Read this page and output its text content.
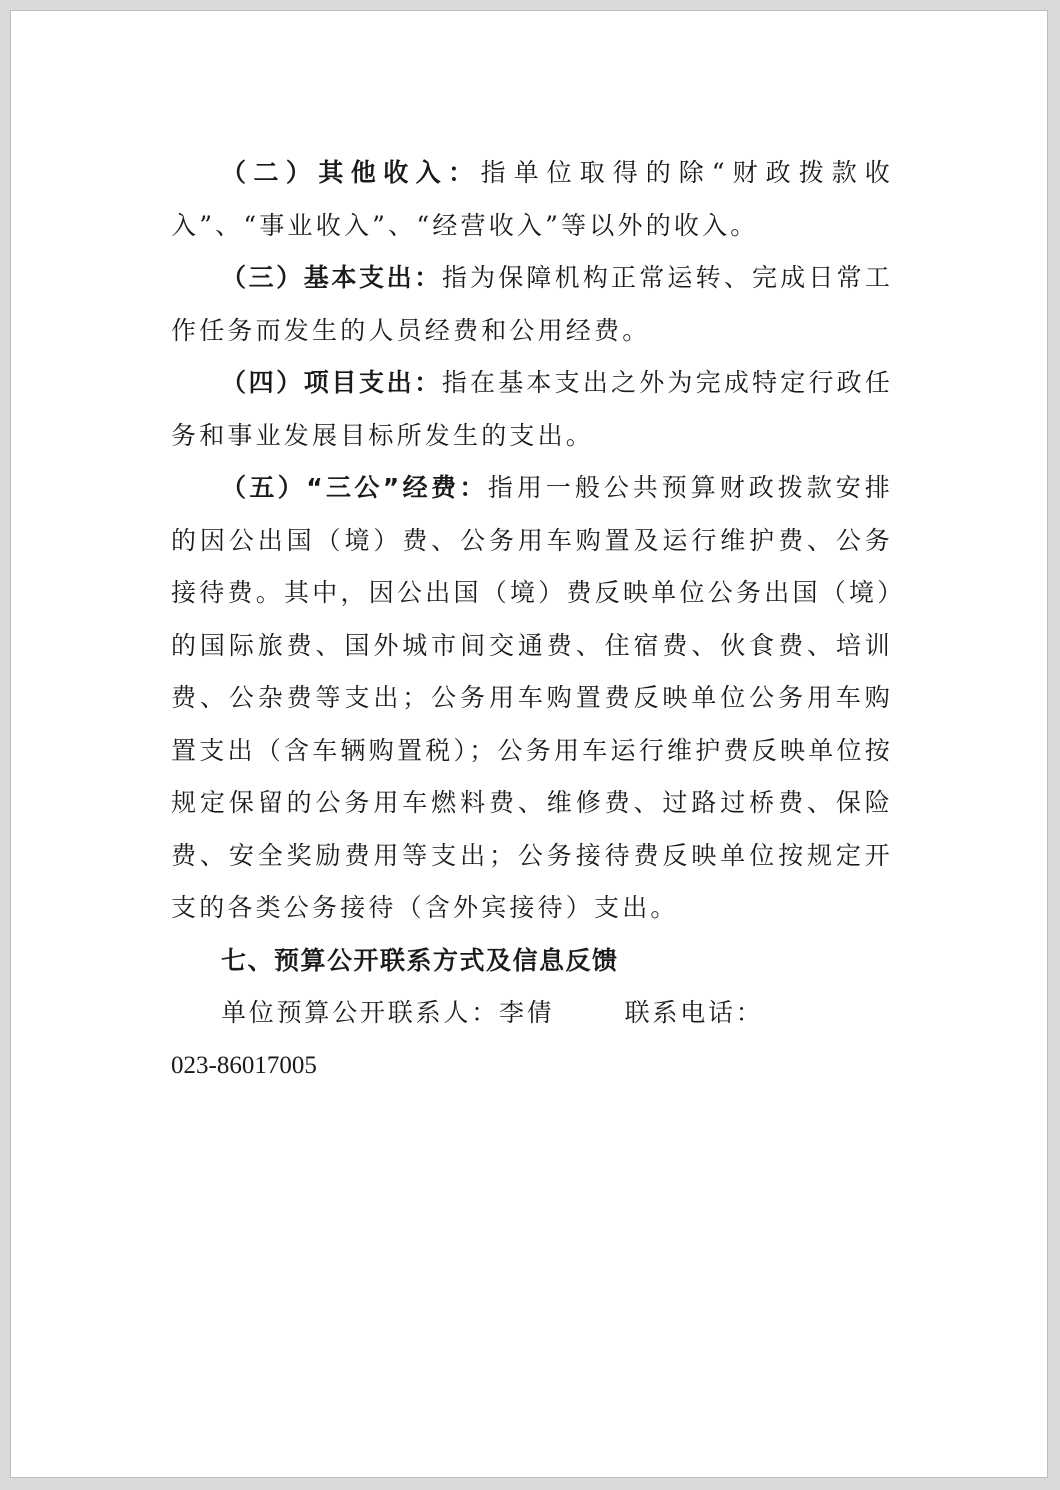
（二）其他收入：指单位取得的除“财政拨款收入”、“事业收入”、“经营收入”等以外的收入。

（三）基本支出：指为保障机构正常运转、完成日常工作任务而发生的人员经费和公用经费。

（四）项目支出：指在基本支出之外为完成特定行政任务和事业发展目标所发生的支出。

（五）“三公”经费：指用一般公共预算财政拨款安排的因公出国（境）费、公务用车购置及运行维护费、公务接待费。其中，因公出国（境）费反映单位公务出国（境）的国际旅费、国外城市间交通费、住宿费、伙食费、培训费、公杂费等支出；公务用车购置费反映单位公务用车购置支出（含车辆购置税）；公务用车运行维护费反映单位按规定保留的公务用车燃料费、维修费、过路过桥费、保险费、安全奖励费用等支出；公务接待费反映单位按规定开支的各类公务接待（含外宾接待）支出。

七、预算公开联系方式及信息反馈

单位预算公开联系人：李倩	联系电话：

023-86017005
